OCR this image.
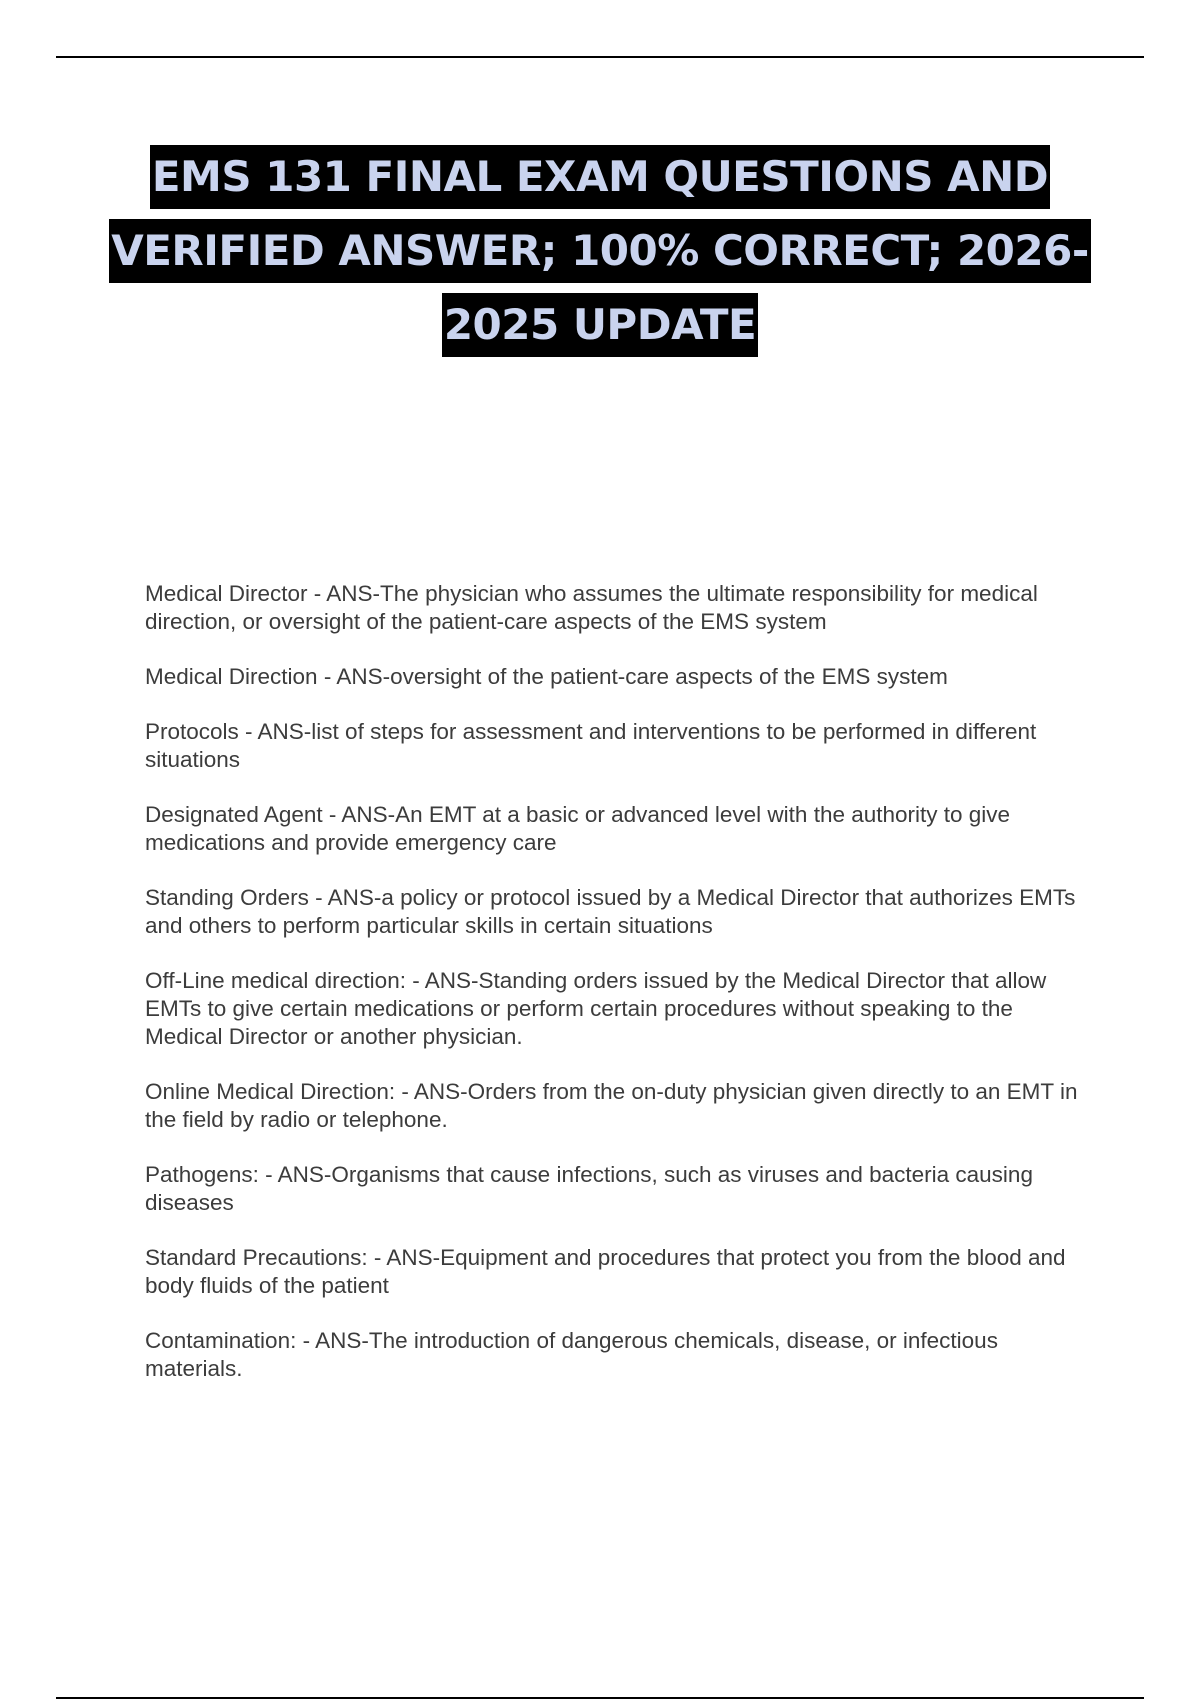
EMS 131 FINAL EXAM QUESTIONS AND
VERIFIED ANSWER; 100% CORRECT; 2026-
2025 UPDATE

Medical Director - ANS-The physician who assumes the ultimate responsibility for medical direction, or oversight of the patient-care aspects of the EMS system

Medical Direction - ANS-oversight of the patient-care aspects of the EMS system

Protocols - ANS-list of steps for assessment and interventions to be performed in different situations

Designated Agent - ANS-An EMT at a basic or advanced level with the authority to give medications and provide emergency care

Standing Orders - ANS-a policy or protocol issued by a Medical Director that authorizes EMTs and others to perform particular skills in certain situations

Off-Line medical direction: - ANS-Standing orders issued by the Medical Director that allow EMTs to give certain medications or perform certain procedures without speaking to the Medical Director or another physician.

Online Medical Direction: - ANS-Orders from the on-duty physician given directly to an EMT in the field by radio or telephone.

Pathogens: - ANS-Organisms that cause infections, such as viruses and bacteria causing diseases

Standard Precautions: - ANS-Equipment and procedures that protect you from the blood and body fluids of the patient

Contamination: - ANS-The introduction of dangerous chemicals, disease, or infectious materials.
